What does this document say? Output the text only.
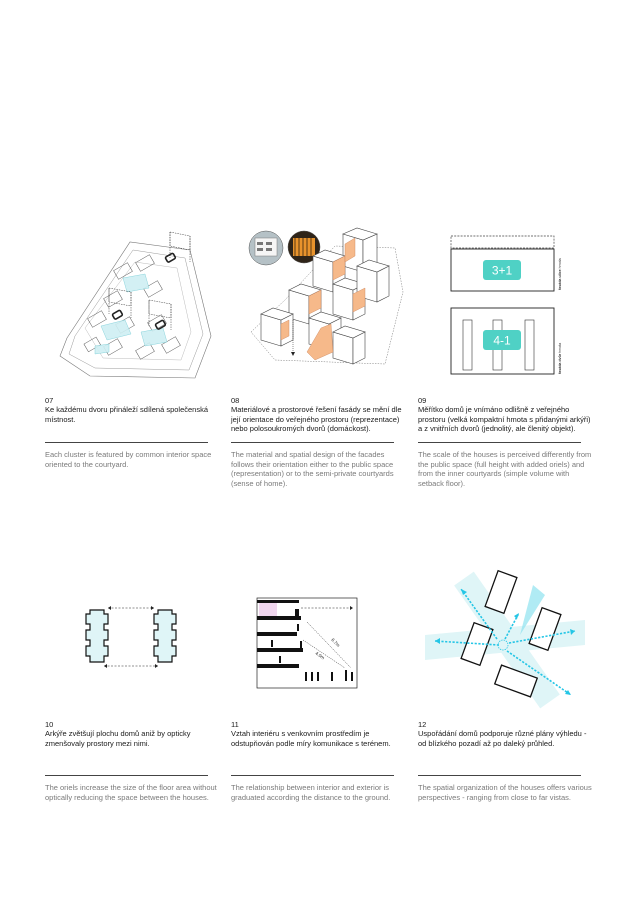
3+1
4-1
fasáda ulice hmota
fasáda dvůr hmota
6.7m
4.0m
07
Ke každému dvoru přináleží sdílená společenská místnost.
Each cluster is featured by common interior space oriented to the courtyard.
08
Materiálové a prostorové řešení fasády se mění dle její orientace do veřejného prostoru (reprezentace) nebo polosoukromých dvorů (domáckost).
The material and spatial design of the facades follows their orientation either to the public space (representation) or to the semi-private courtyards (sense of home).
09
Měřítko domů je vnímáno odlišně z veřejného prostoru (velká kompaktní hmota s přidanými arkýři) a z vnitřních dvorů (jednolitý, ale členitý objekt).
The scale of the houses is perceived differently from the public space (full height with added oriels) and from the inner courtyards (simple volume with setback floor).
10
Arkýře zvětšují plochu domů aniž by opticky zmenšovaly prostory mezi nimi.
The oriels increase the size of the floor area without optically reducing the space between the houses.
11
Vztah interiéru s venkovním prostředím je odstupňován podle míry komunikace s terénem.
The relationship between interior and exterior is graduated according the distance to the ground.
12
Uspořádání domů podporuje různé plány výhledu - od blízkého pozadí až po daleký průhled.
The spatial organization of the houses offers various perspectives - ranging from close to far vistas.
